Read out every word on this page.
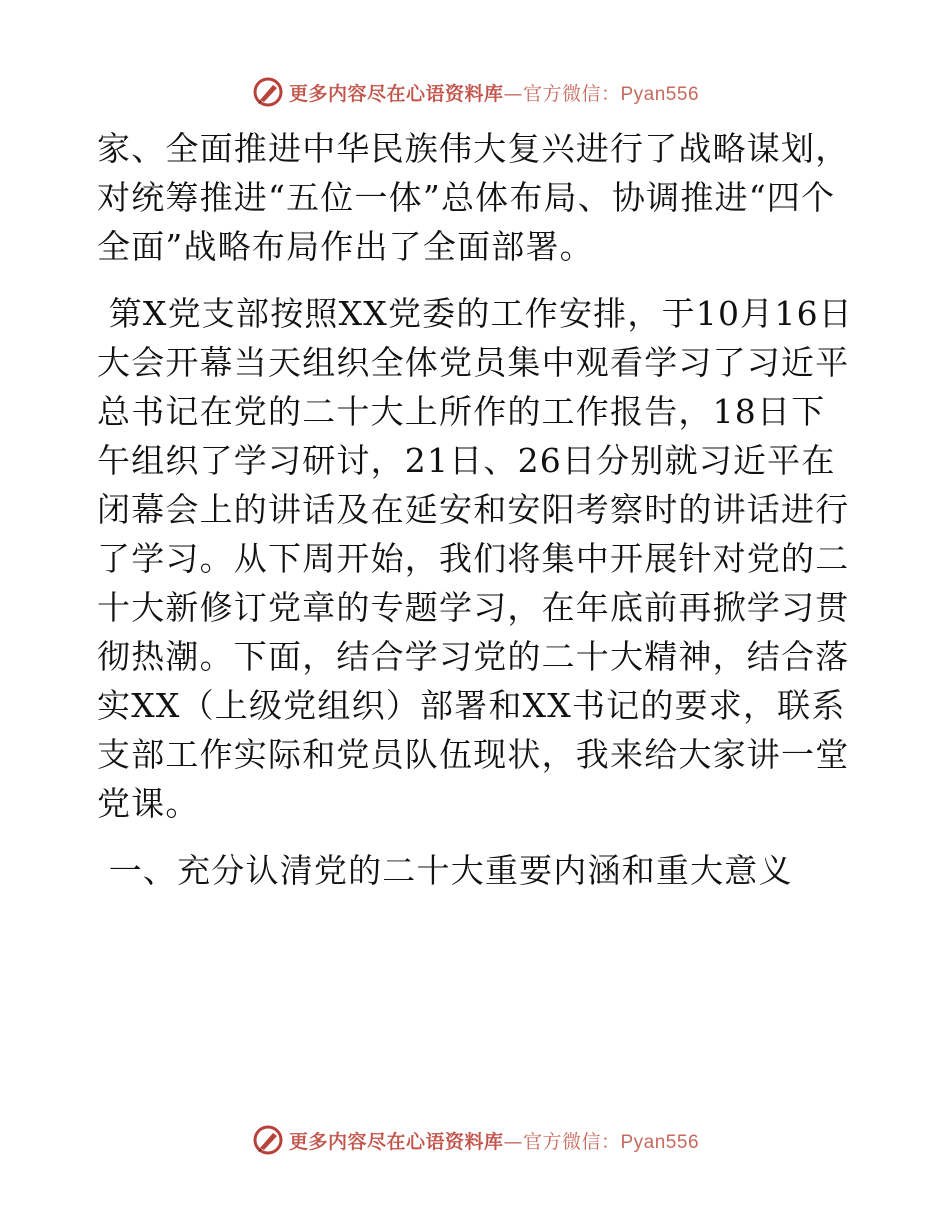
更多内容尽在心语资料库—官方微信：Pyan556

家、全面推进中华民族伟大复兴进行了战略谋划，对统筹推进“五位一体”总体布局、协调推进“四个全面”战略布局作出了全面部署。

第X党支部按照XX党委的工作安排，于10月16日大会开幕当天组织全体党员集中观看学习了习近平总书记在党的二十大上所作的工作报告，18日下午组织了学习研讨，21日、26日分别就习近平在闭幕会上的讲话及在延安和安阳考察时的讲话进行了学习。从下周开始，我们将集中开展针对党的二十大新修订党章的专题学习，在年底前再掀学习贯彻热潮。下面，结合学习党的二十大精神，结合落实XX（上级党组织）部署和XX书记的要求，联系支部工作实际和党员队伍现状，我来给大家讲一堂党课。

一、充分认清党的二十大重要内涵和重大意义

更多内容尽在心语资料库—官方微信：Pyan556
